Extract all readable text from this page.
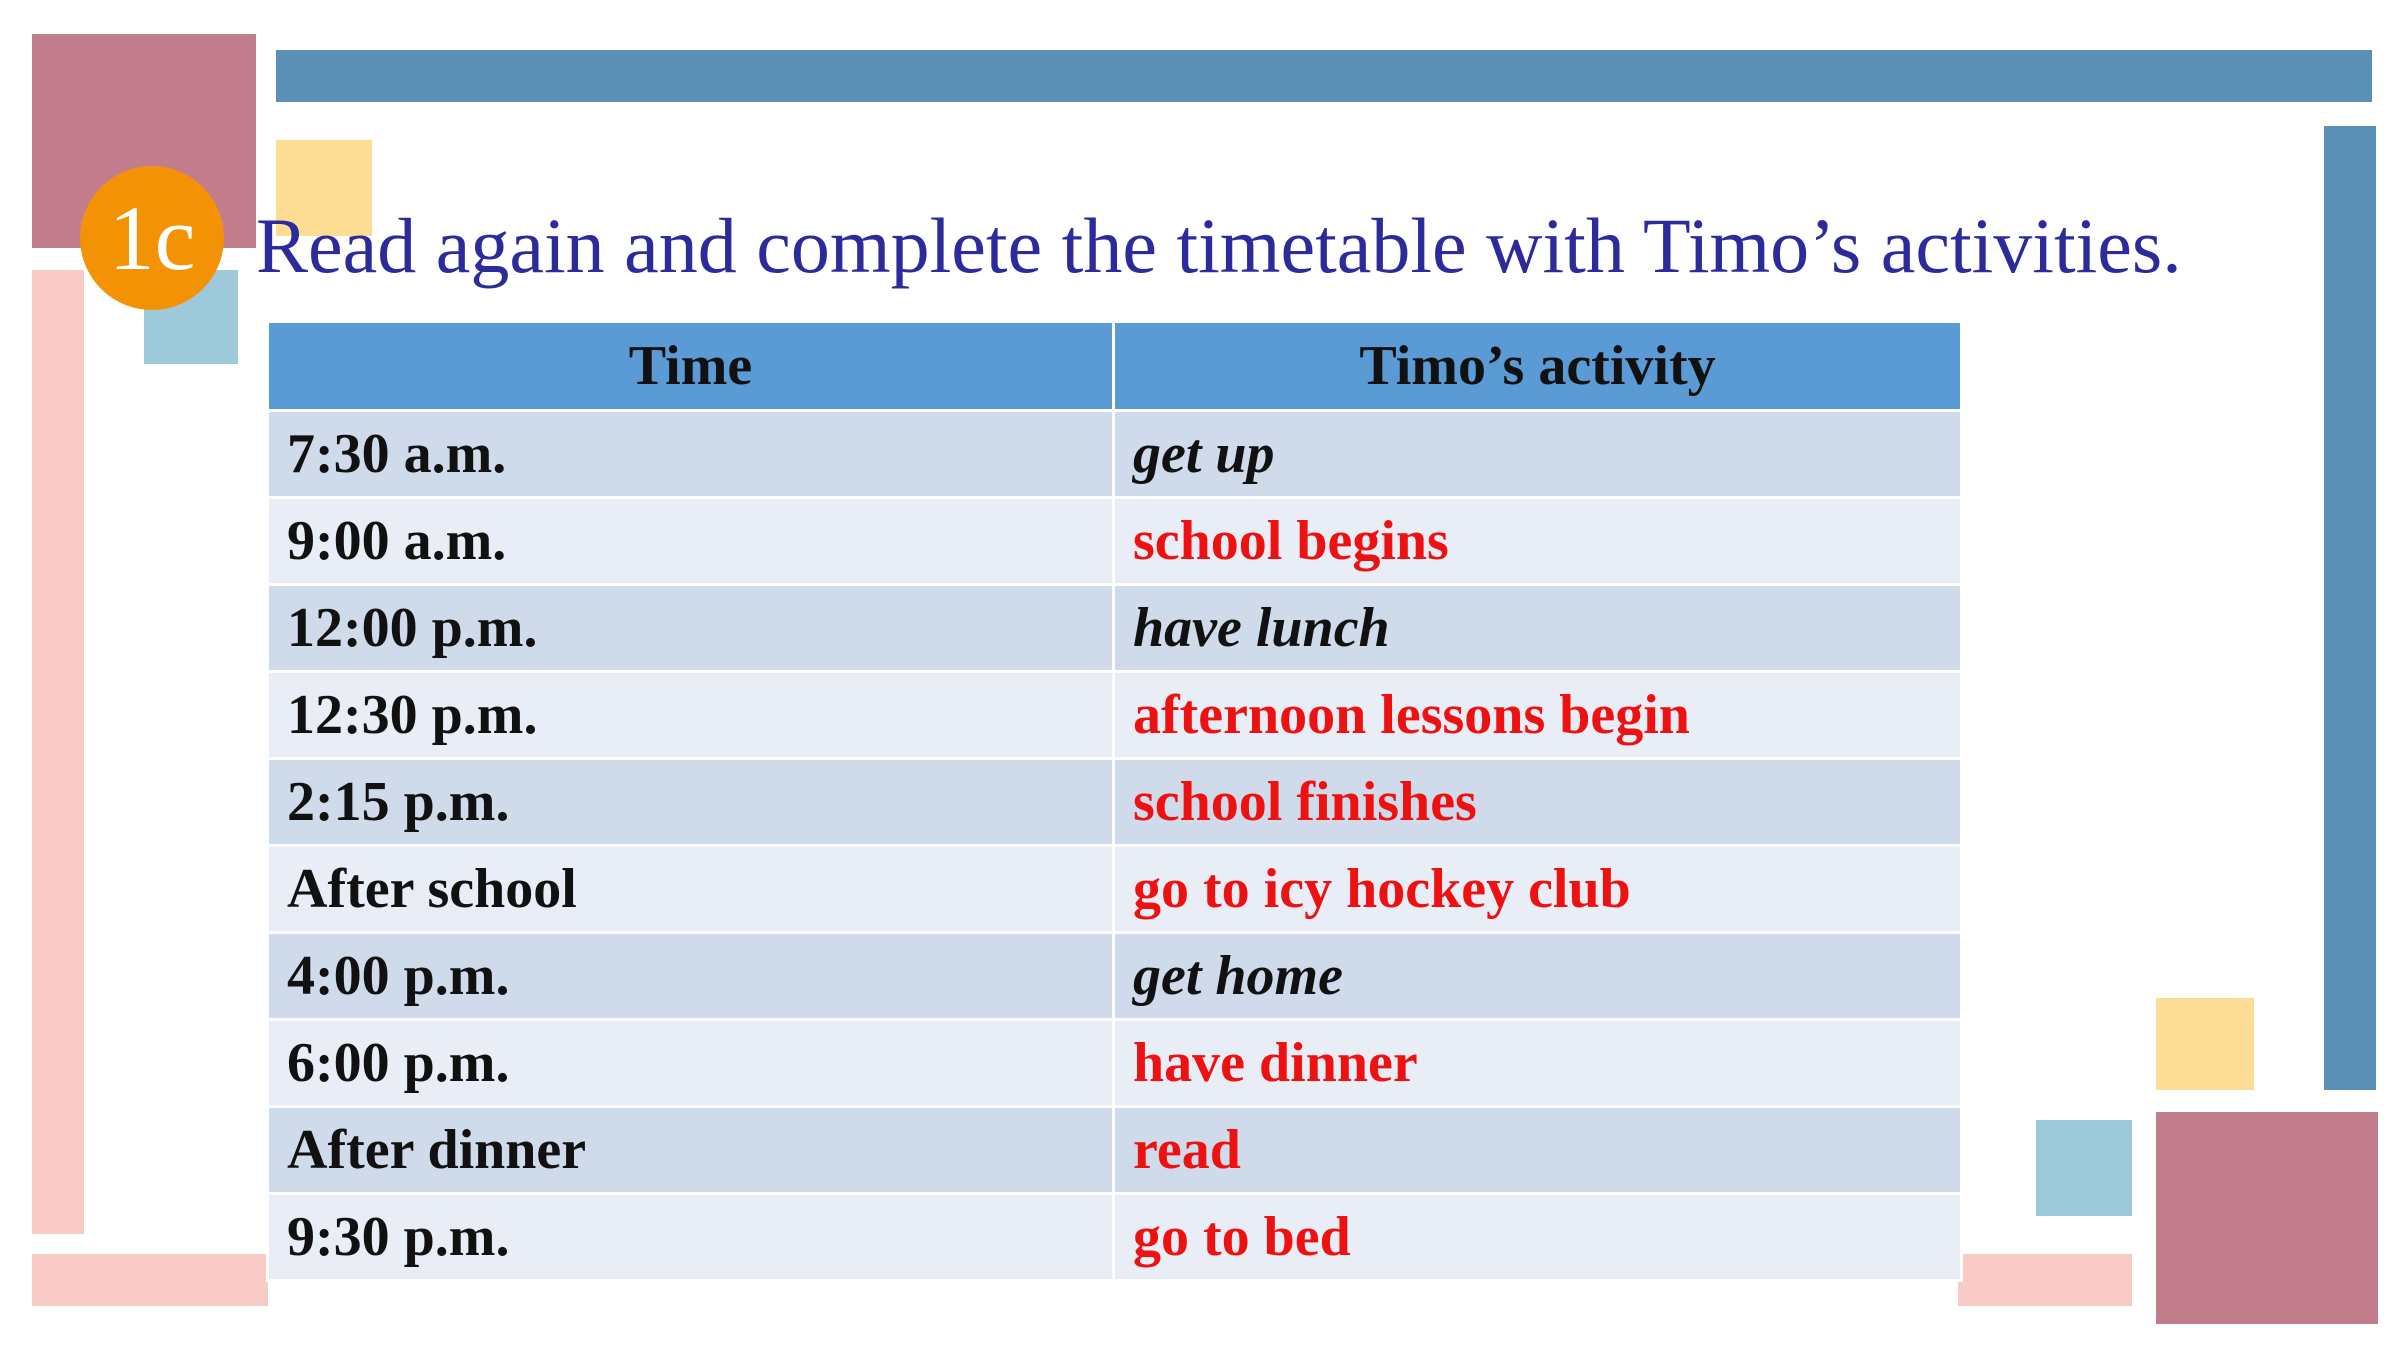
1c Read again and complete the timetable with Timo’s activities.
Time	Timo’s activity
7:30 a.m.	get up
9:00 a.m.	school begins
12:00 p.m.	have lunch
12:30 p.m.	afternoon lessons begin
2:15 p.m.	school finishes
After school	go to icy hockey club
4:00 p.m.	get home
6:00 p.m.	have dinner
After dinner	read
9:30 p.m.	go to bed
